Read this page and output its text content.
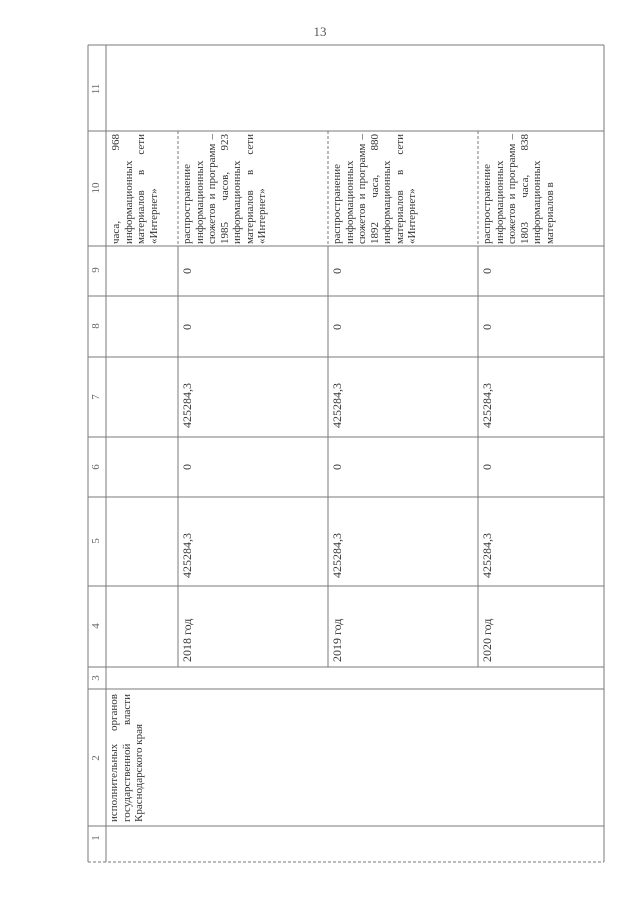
13
1
2
3
4
5
6
7
8
9
10
11
исполнительных органов государственной власти Краснодарского края
часа, 968 информационных материалов в сети «Интернет»
2018 год
425284,3
0
425284,3
0
0
распространение информационных сюжетов и программ – 1985 часов, 923 информационных материалов в сети «Интернет»
2019 год
425284,3
0
425284,3
0
0
распространение информационных сюжетов и программ – 1892 часа, 880 информационных материалов в сети «Интернет»
2020 год
425284,3
0
425284,3
0
0
распространение информационных сюжетов и программ – 1803 часа, 838 информационных материалов в
